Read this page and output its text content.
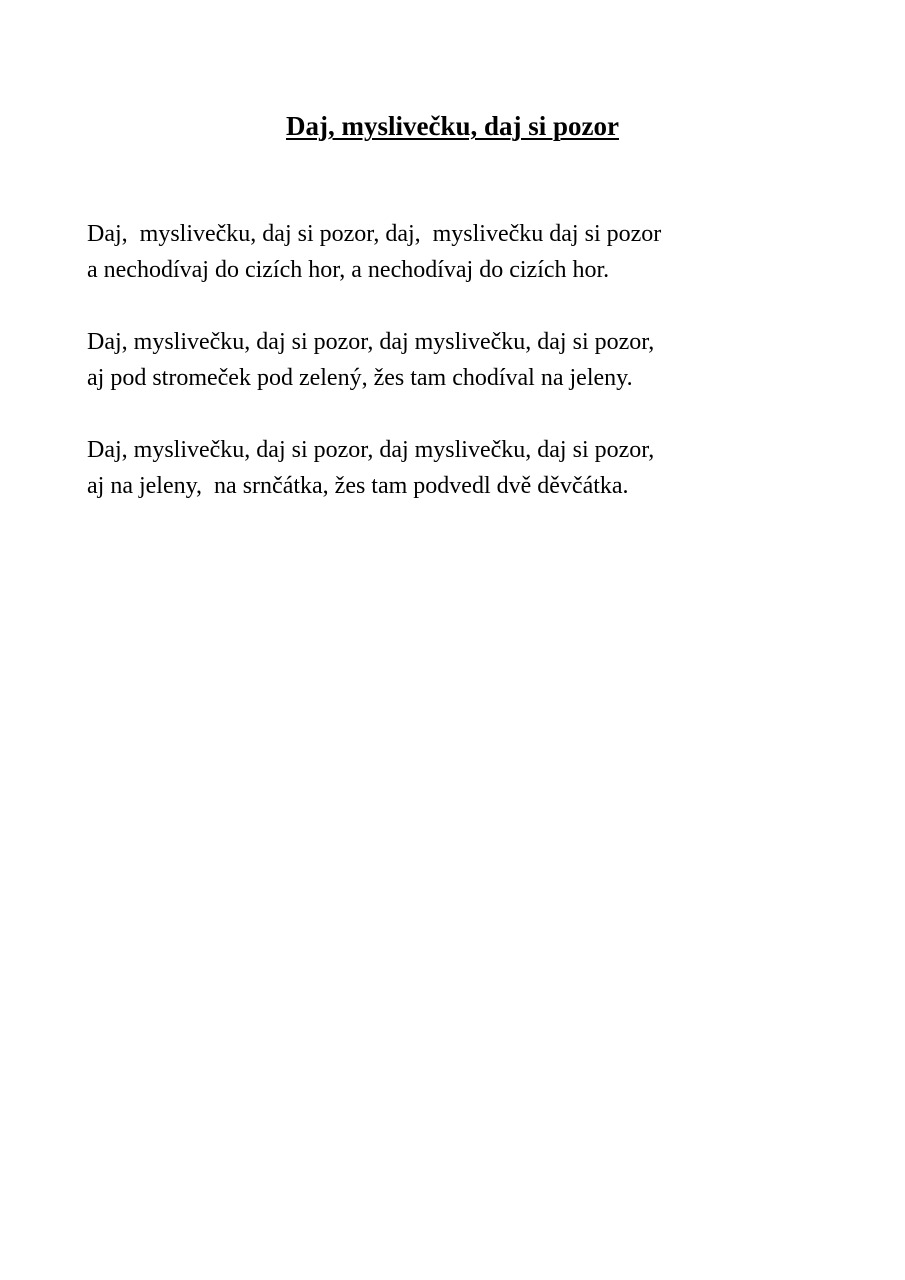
Daj, myslivečku, daj si pozor

Daj,  myslivečku, daj si pozor, daj,  myslivečku daj si pozor
a nechodívaj do cizích hor, a nechodívaj do cizích hor.

Daj, myslivečku, daj si pozor, daj myslivečku, daj si pozor,
aj pod stromeček pod zelený, žes tam chodíval na jeleny.

Daj, myslivečku, daj si pozor, daj myslivečku, daj si pozor,
aj na jeleny,  na srnčátka, žes tam podvedl dvě děvčátka.
